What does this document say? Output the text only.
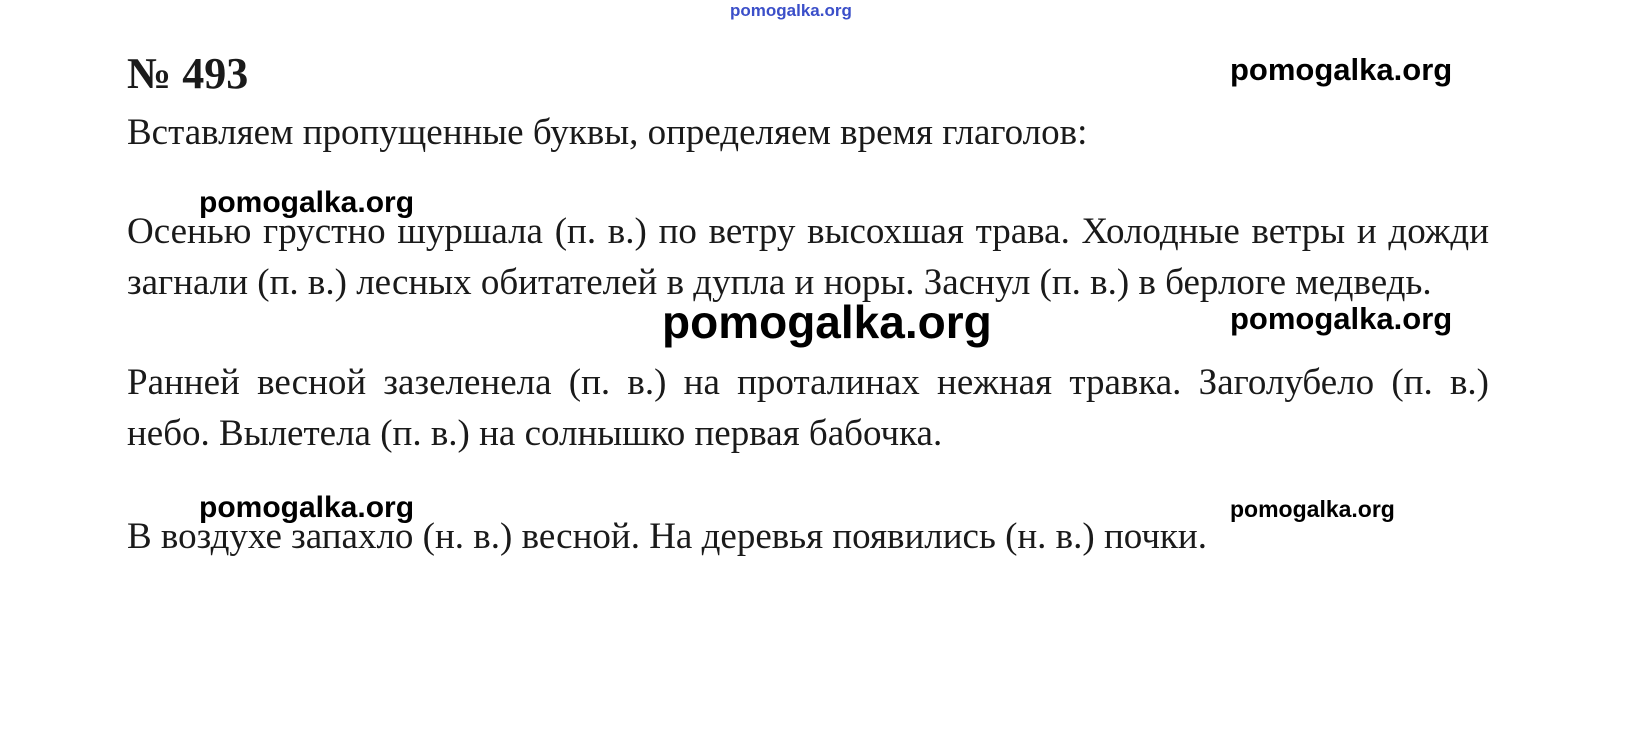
pomogalka.org
№ 493	pomogalka.org

Вставляем пропущенные буквы, определяем время глаголов:

Осенью грустно шуршала (п. в.) по ветру высохшая трава. Холодные ветры и дожди загнали (п. в.) лесных обитателей в дупла и норы. Заснул (п. в.) в берлоге медведь.

Ранней весной зазеленела (п. в.) на проталинах нежная травка. Заголубело (п. в.) небо. Вылетела (п. в.) на солнышко первая бабочка.

В воздухе запахло (н. в.) весной. На деревья появились (н. в.) почки.

pomogalka.org
pomogalka.org	pomogalka.org
pomogalka.org	pomogalka.org
